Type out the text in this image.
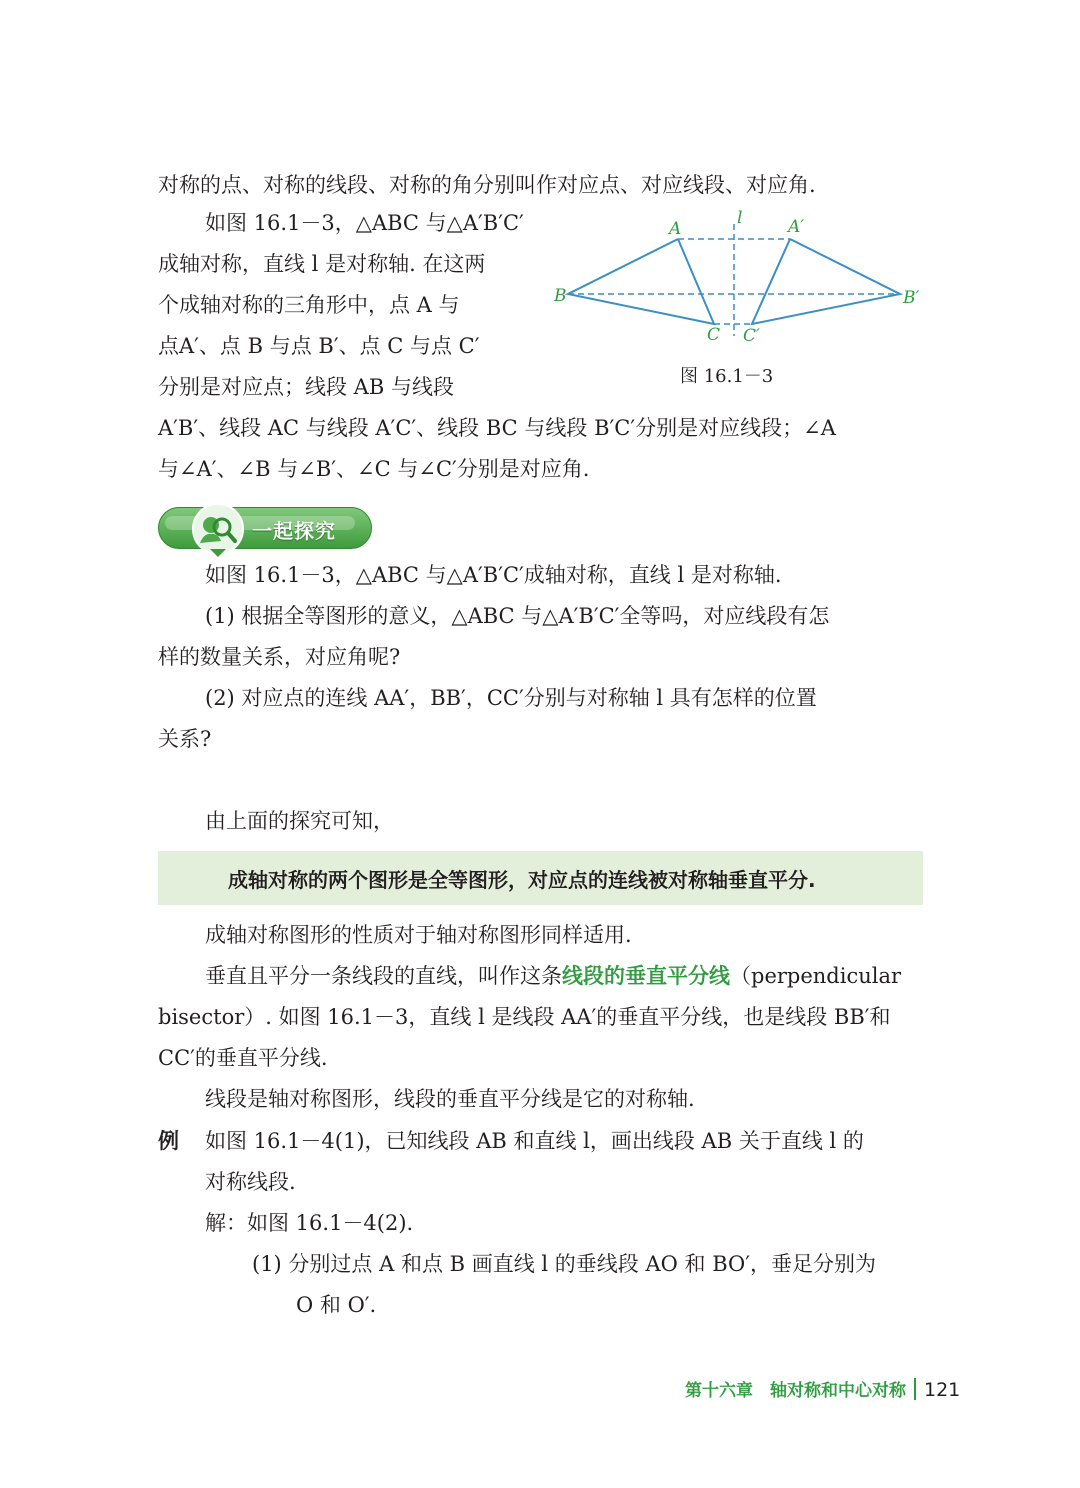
对称的点、对称的线段、对称的角分别叫作对应点、对应线段、对应角.
如图 16.1－3，△ABC 与△A′B′C′
成轴对称，直线 l 是对称轴. 在这两
个成轴对称的三角形中，点 A 与
点A′、点 B 与点 B′、点 C 与点 C′
分别是对应点；线段 AB 与线段
A′B′、线段 AC 与线段 A′C′、线段 BC 与线段 B′C′分别是对应线段；∠A
与∠A′、∠B 与∠B′、∠C 与∠C′分别是对应角.
A	A′
B	B′
C C′
l
图 16.1－3
一起探究
如图 16.1－3，△ABC 与△A′B′C′成轴对称，直线 l 是对称轴.
(1) 根据全等图形的意义，△ABC 与△A′B′C′全等吗，对应线段有怎
样的数量关系，对应角呢?
(2) 对应点的连线 AA′，BB′，CC′分别与对称轴 l 具有怎样的位置
关系?
由上面的探究可知，
成轴对称的两个图形是全等图形，对应点的连线被对称轴垂直平分.
成轴对称图形的性质对于轴对称图形同样适用.
垂直且平分一条线段的直线，叫作这条线段的垂直平分线（perpendicular
bisector）. 如图 16.1－3，直线 l 是线段 AA′的垂直平分线，也是线段 BB′和
CC′的垂直平分线.
线段是轴对称图形，线段的垂直平分线是它的对称轴.
例 如图 16.1－4(1)，已知线段 AB 和直线 l，画出线段 AB 关于直线 l 的
对称线段.
解：如图 16.1－4(2).
(1) 分别过点 A 和点 B 画直线 l 的垂线段 AO 和 BO′，垂足分别为
O 和 O′.
第十六章　轴对称和中心对称 121
